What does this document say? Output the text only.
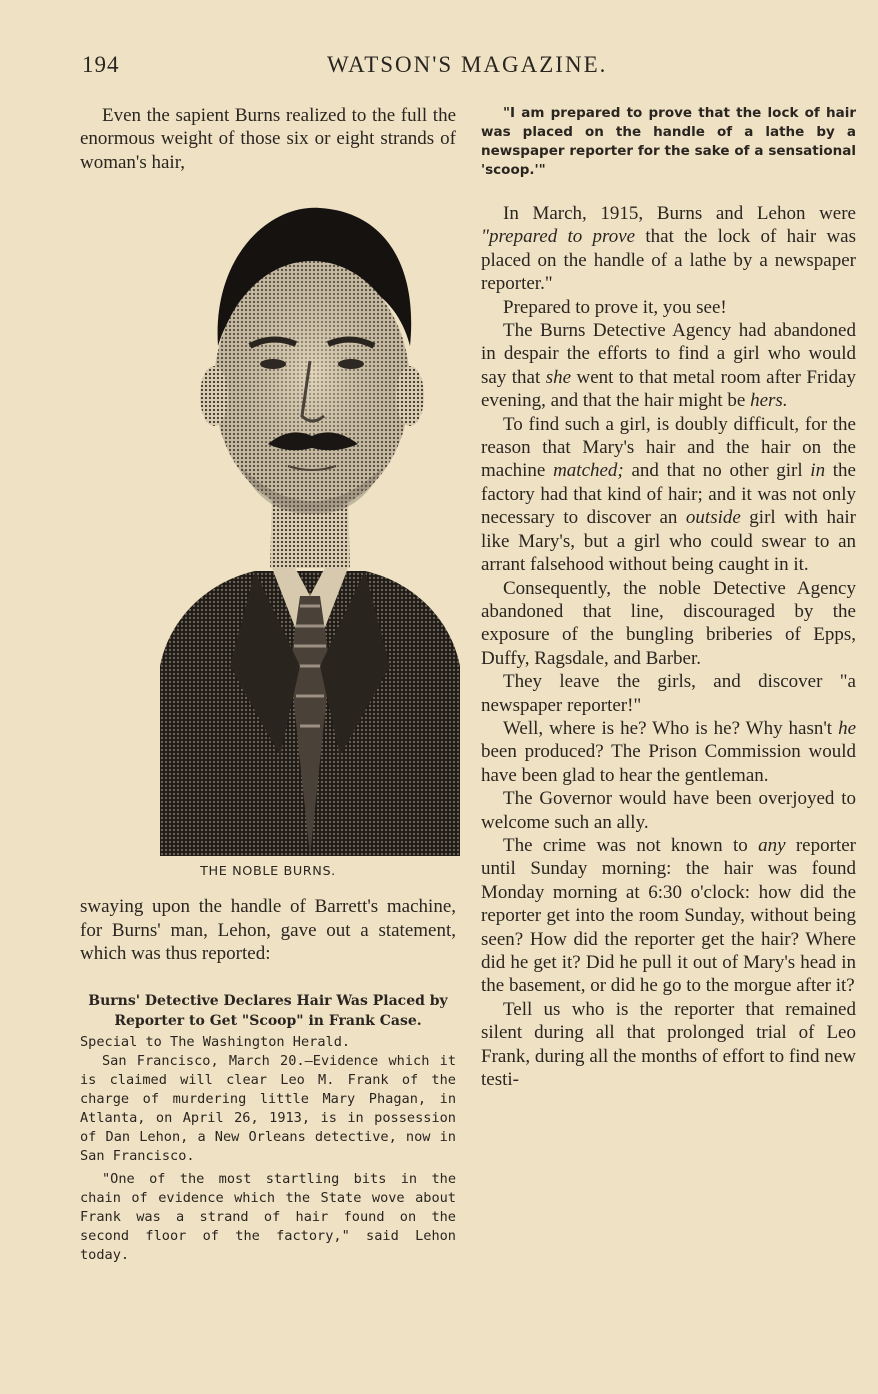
194	WATSON'S MAGAZINE.

Even the sapient Burns realized to the full the enormous weight of those six or eight strands of woman's hair,

THE NOBLE BURNS.

swaying upon the handle of Barrett's machine, for Burns' man, Lehon, gave out a statement, which was thus reported:

Burns' Detective Declares Hair Was Placed by Reporter to Get "Scoop" in Frank Case.

Special to The Washington Herald.

San Francisco, March 20.—Evidence which it is claimed will clear Leo M. Frank of the charge of murdering little Mary Phagan, in Atlanta, on April 26, 1913, is in possession of Dan Lehon, a New Orleans detective, now in San Francisco.

"One of the most startling bits in the chain of evidence which the State wove about Frank was a strand of hair found on the second floor of the factory," said Lehon today.

"I am prepared to prove that the lock of hair was placed on the handle of a lathe by a newspaper reporter for the sake of a sensational 'scoop.'"

In March, 1915, Burns and Lehon were "prepared to prove that the lock of hair was placed on the handle of a lathe by a newspaper reporter."

Prepared to prove it, you see!

The Burns Detective Agency had abandoned in despair the efforts to find a girl who would say that she went to that metal room after Friday evening, and that the hair might be hers.

To find such a girl, is doubly difficult, for the reason that Mary's hair and the hair on the machine matched; and that no other girl in the factory had that kind of hair; and it was not only necessary to discover an outside girl with hair like Mary's, but a girl who could swear to an arrant falsehood without being caught in it.

Consequently, the noble Detective Agency abandoned that line, discouraged by the exposure of the bungling briberies of Epps, Duffy, Ragsdale, and Barber.

They leave the girls, and discover "a newspaper reporter!"

Well, where is he? Who is he? Why hasn't he been produced? The Prison Commission would have been glad to hear the gentleman.

The Governor would have been overjoyed to welcome such an ally.

The crime was not known to any reporter until Sunday morning: the hair was found Monday morning at 6:30 o'clock: how did the reporter get into the room Sunday, without being seen? How did the reporter get the hair? Where did he get it? Did he pull it out of Mary's head in the basement, or did he go to the morgue after it?

Tell us who is the reporter that remained silent during all that prolonged trial of Leo Frank, during all the months of effort to find new testi-
